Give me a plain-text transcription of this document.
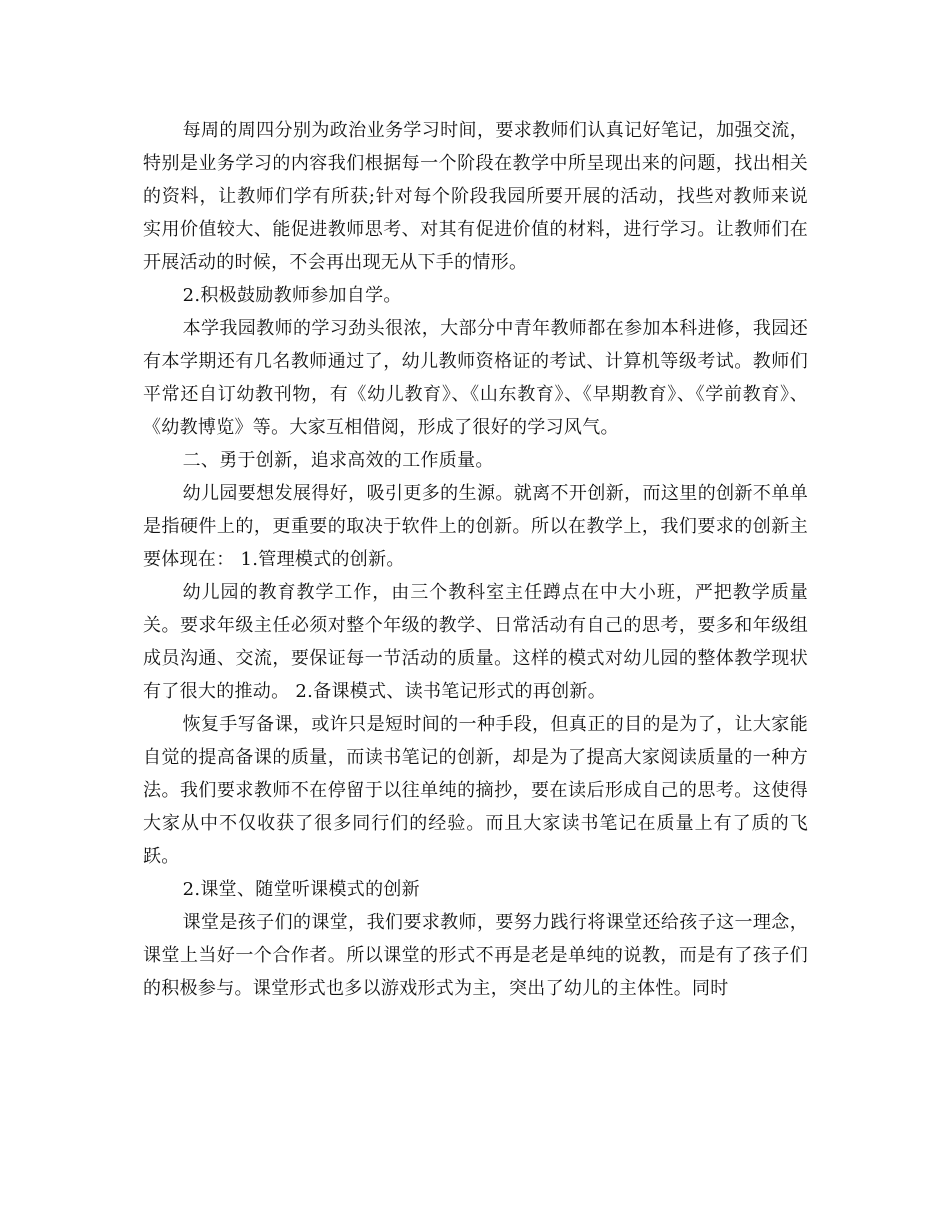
每周的周四分别为政治业务学习时间，要求教师们认真记好笔记，加强交流，特别是业务学习的内容我们根据每一个阶段在教学中所呈现出来的问题，找出相关的资料，让教师们学有所获;针对每个阶段我园所要开展的活动，找些对教师来说实用价值较大、能促进教师思考、对其有促进价值的材料，进行学习。让教师们在开展活动的时候，不会再出现无从下手的情形。

2.积极鼓励教师参加自学。

本学我园教师的学习劲头很浓，大部分中青年教师都在参加本科进修，我园还有本学期还有几名教师通过了，幼儿教师资格证的考试、计算机等级考试。教师们平常还自订幼教刊物，有《幼儿教育》、《山东教育》、《早期教育》、《学前教育》、《幼教博览》等。大家互相借阅，形成了很好的学习风气。

二、勇于创新，追求高效的工作质量。

幼儿园要想发展得好，吸引更多的生源。就离不开创新，而这里的创新不单单是指硬件上的，更重要的取决于软件上的创新。所以在教学上，我们要求的创新主要体现在： 1.管理模式的创新。

幼儿园的教育教学工作，由三个教科室主任蹲点在中大小班，严把教学质量关。要求年级主任必须对整个年级的教学、日常活动有自己的思考，要多和年级组成员沟通、交流，要保证每一节活动的质量。这样的模式对幼儿园的整体教学现状有了很大的推动。 2.备课模式、读书笔记形式的再创新。

恢复手写备课，或许只是短时间的一种手段，但真正的目的是为了，让大家能自觉的提高备课的质量，而读书笔记的创新，却是为了提高大家阅读质量的一种方法。我们要求教师不在停留于以往单纯的摘抄，要在读后形成自己的思考。这使得大家从中不仅收获了很多同行们的经验。而且大家读书笔记在质量上有了质的飞跃。

2.课堂、随堂听课模式的创新

课堂是孩子们的课堂，我们要求教师，要努力践行将课堂还给孩子这一理念，课堂上当好一个合作者。所以课堂的形式不再是老是单纯的说教，而是有了孩子们的积极参与。课堂形式也多以游戏形式为主，突出了幼儿的主体性。同时
